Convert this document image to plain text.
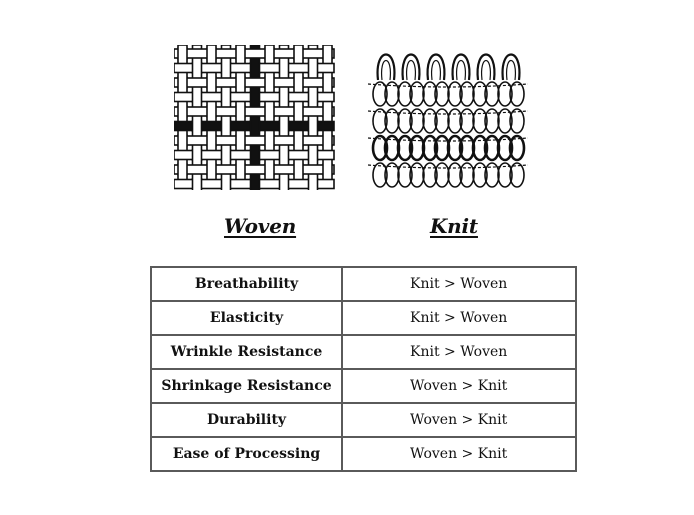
Woven	Knit
Breathability	Knit > Woven
Elasticity	Knit > Woven
Wrinkle Resistance	Knit > Woven
Shrinkage Resistance	Woven > Knit
Durability	Woven > Knit
Ease of Processing	Woven > Knit
